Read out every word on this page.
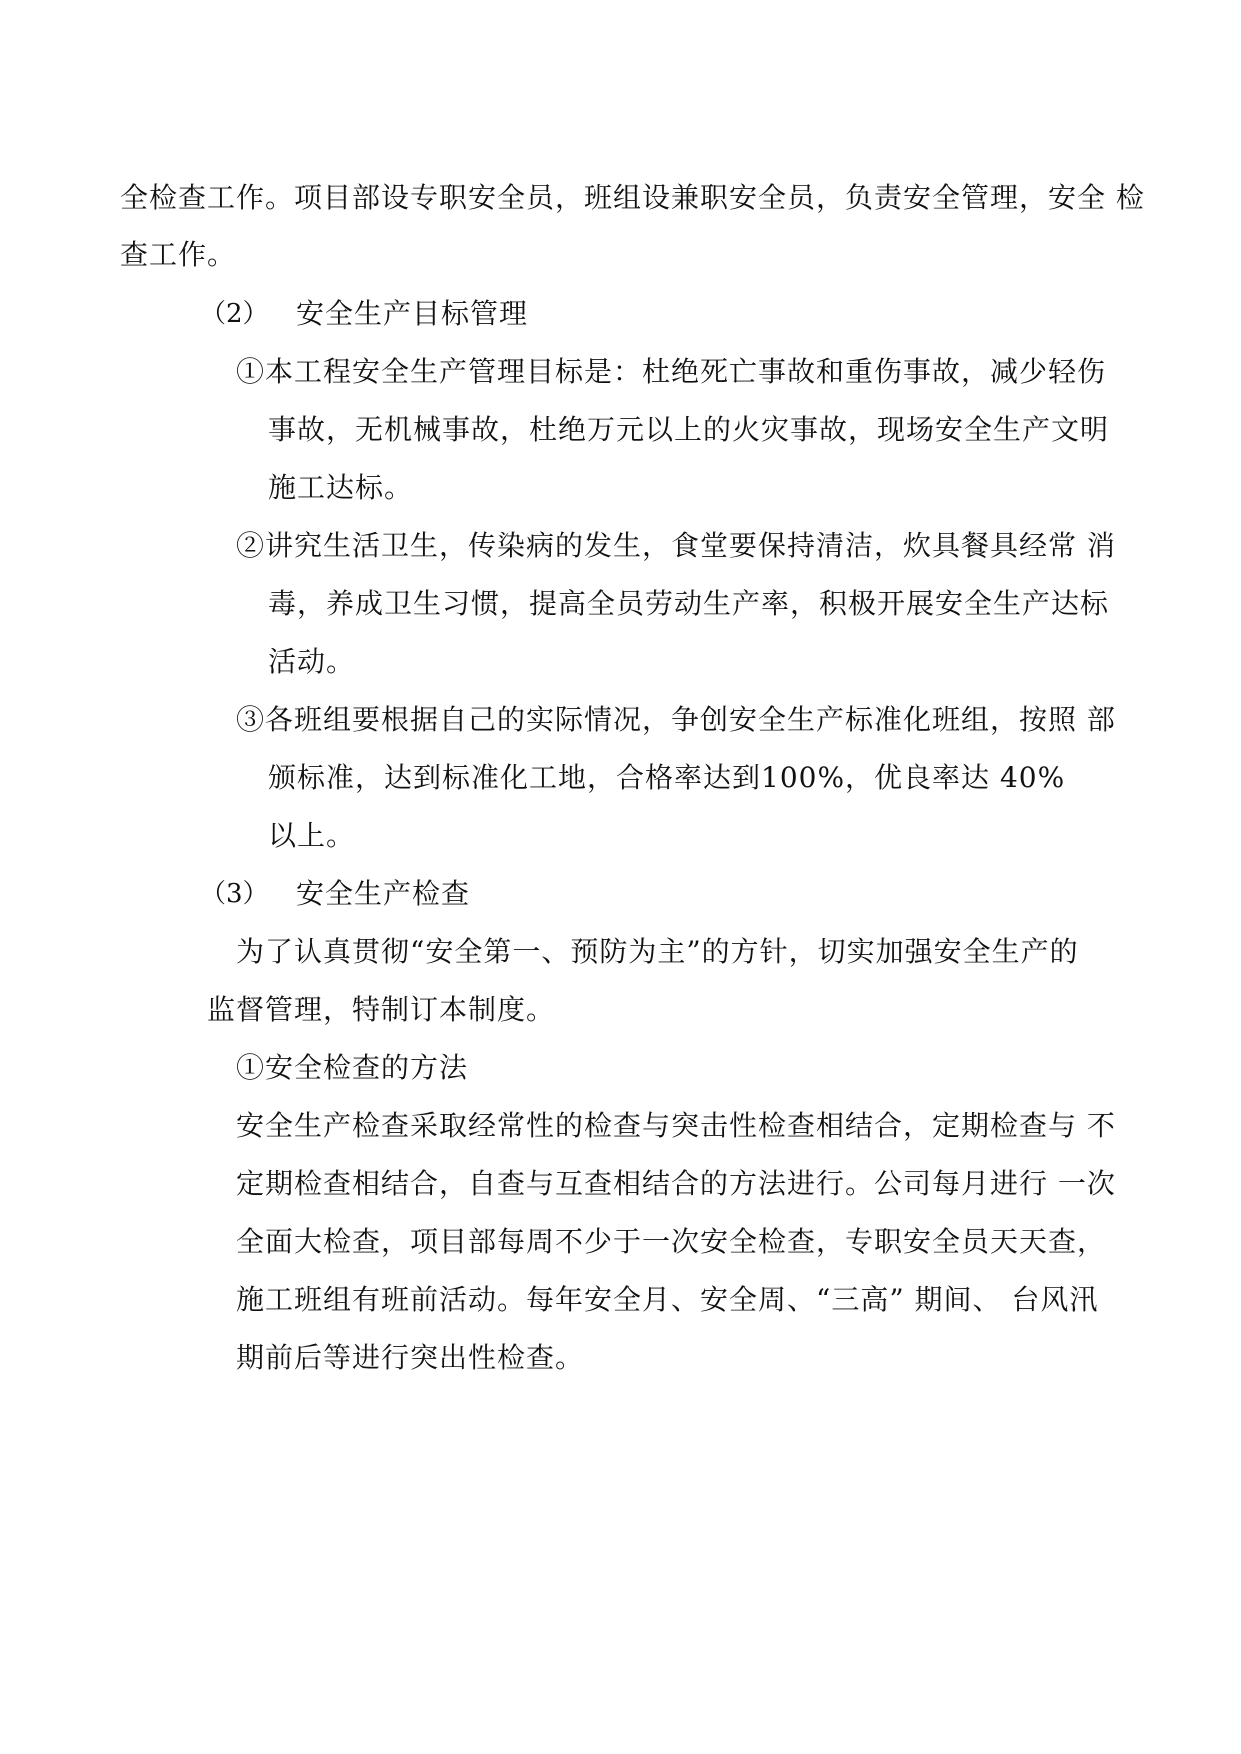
全检查工作。项目部设专职安全员，班组设兼职安全员，负责安全管理，安全 检

查工作。

（2） 安全生产目标管理

①本工程安全生产管理目标是：杜绝死亡事故和重伤事故，减少轻伤

事故，无机械事故，杜绝万元以上的火灾事故，现场安全生产文明

施工达标。

②讲究生活卫生，传染病的发生，食堂要保持清洁，炊具餐具经常 消

毒，养成卫生习惯，提高全员劳动生产率，积极开展安全生产达标

活动。

③各班组要根据自己的实际情况，争创安全生产标准化班组，按照 部

颁标准，达到标准化工地，合格率达到100%，优良率达 40%

以上。

（3） 安全生产检查

为了认真贯彻“安全第一、预防为主”的方针，切实加强安全生产的

监督管理，特制订本制度。

①安全检查的方法

安全生产检查采取经常性的检查与突击性检查相结合，定期检查与 不

定期检查相结合，自查与互查相结合的方法进行。公司每月进行 一次

全面大检查，项目部每周不少于一次安全检查，专职安全员天天查，

施工班组有班前活动。每年安全月、安全周、“三高” 期间、 台风汛

期前后等进行突出性检查。
